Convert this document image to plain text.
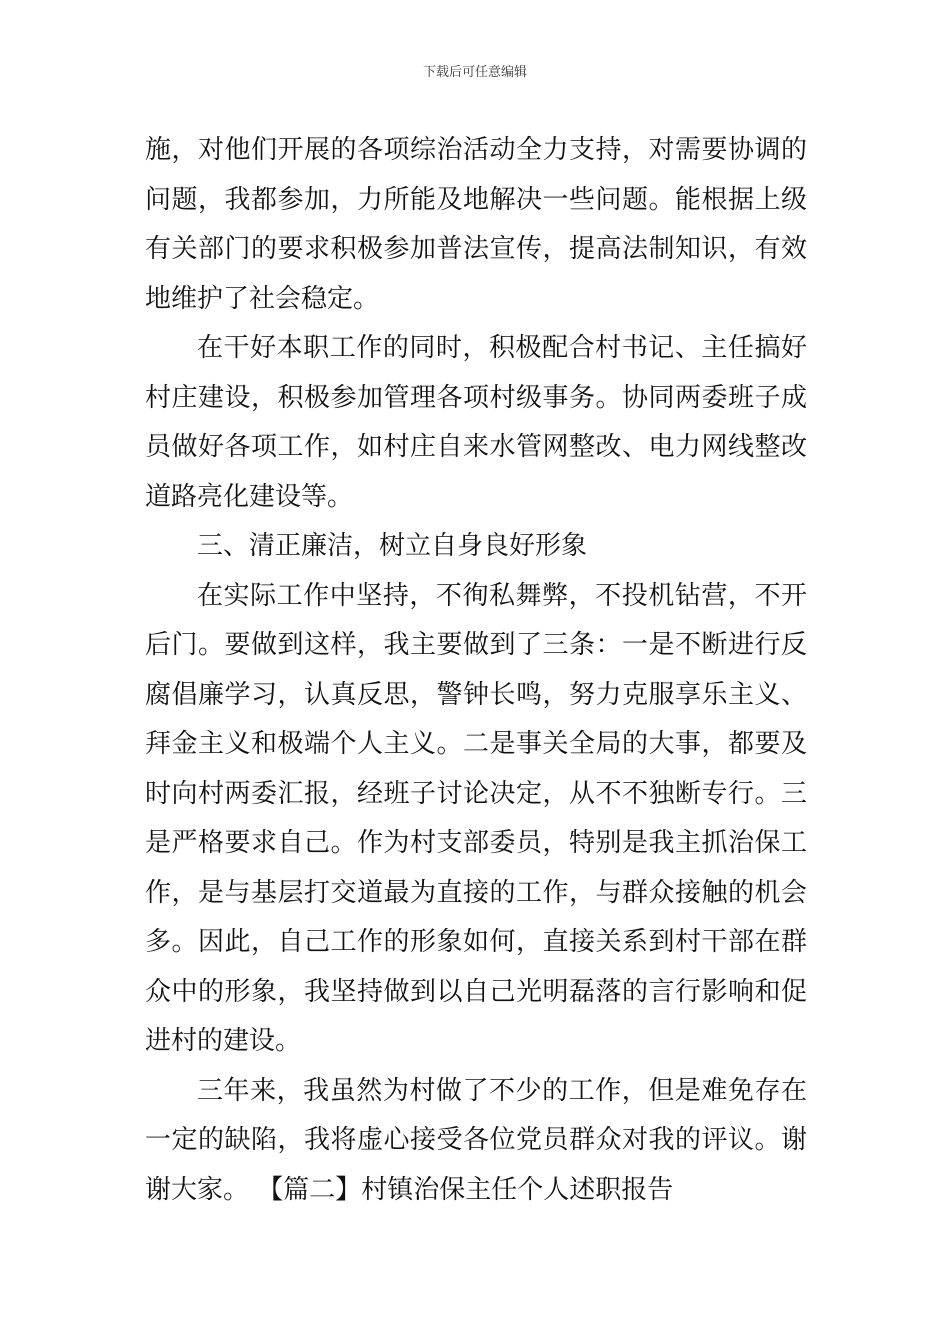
下载后可任意编辑

施，对他们开展的各项综治活动全力支持，对需要协调的问题，我都参加，力所能及地解决一些问题。能根据上级有关部门的要求积极参加普法宣传，提高法制知识，有效地维护了社会稳定。

在干好本职工作的同时，积极配合村书记、主任搞好村庄建设，积极参加管理各项村级事务。协同两委班子成员做好各项工作，如村庄自来水管网整改、电力网线整改道路亮化建设等。

三、清正廉洁，树立自身良好形象

在实际工作中坚持，不徇私舞弊，不投机钻营，不开后门。要做到这样，我主要做到了三条：一是不断进行反腐倡廉学习，认真反思，警钟长鸣，努力克服享乐主义、拜金主义和极端个人主义。二是事关全局的大事，都要及时向村两委汇报，经班子讨论决定，从不不独断专行。三是严格要求自己。作为村支部委员，特别是我主抓治保工作，是与基层打交道最为直接的工作，与群众接触的机会多。因此，自己工作的形象如何，直接关系到村干部在群众中的形象，我坚持做到以自己光明磊落的言行影响和促进村的建设。

三年来，我虽然为村做了不少的工作，但是难免存在一定的缺陷，我将虚心接受各位党员群众对我的评议。谢谢大家。 【篇二】村镇治保主任个人述职报告
